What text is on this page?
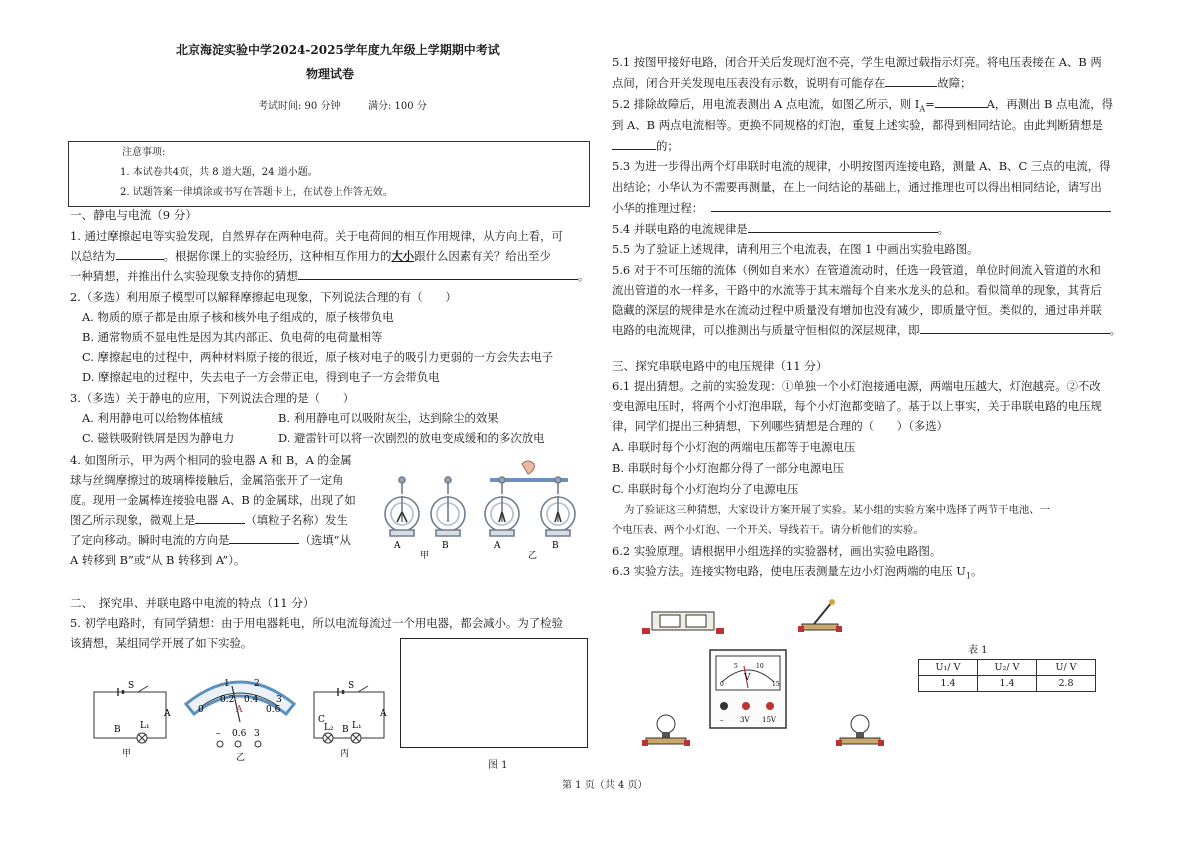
北京海淀实验中学2024-2025学年度九年级上学期期中考试
物理试卷
考试时间: 90 分钟	满分: 100 分
注意事项:
1. 本试卷共4页，共 8 道大题，24 道小题。
2. 试题答案一律填涂或书写在答题卡上，在试卷上作答无效。
一、静电与电流（9 分）
1. 通过摩擦起电等实验发现，自然界存在两种电荷。关于电荷间的相互作用规律，从方向上看，可
以总结为	。根据你课上的实验经历，这种相互作用力的大小跟什么因素有关？给出至少
一种猜想，并推出什么实验现象支持你的猜想	。
2.（多选）利用原子模型可以解释摩擦起电现象，下列说法合理的有（　　）
A. 物质的原子都是由原子核和核外电子组成的，原子核带负电
B. 通常物质不显电性是因为其内部正、负电荷的电荷量相等
C. 摩擦起电的过程中，两种材料原子接的很近，原子核对电子的吸引力更弱的一方会失去电子
D. 摩擦起电的过程中，失去电子一方会带正电，得到电子一方会带负电
3.（多选）关于静电的应用，下列说法合理的是（　　）
A. 利用静电可以给物体植绒	B. 利用静电可以吸附灰尘，达到除尘的效果
C. 磁铁吸附铁屑是因为静电力	D. 避雷针可以将一次剧烈的放电变成缓和的多次放电
4. 如图所示，甲为两个相同的验电器 A 和 B，A 的金属
球与丝绸摩擦过的玻璃棒接触后，金属箔张开了一定角
度。现用一金属棒连接验电器 A、B 的金属球，出现了如
图乙所示现象，微观上是	（填粒子名称）发生
了定向移动。瞬时电流的方向是	（选填“从
A 转移到 B”或“从 B 转移到 A”）。
A	B	A	B
甲	乙
二、　探究串、并联电路中电流的特点（11 分）
5. 初学电路时，有同学猜想：由于用电器耗电，所以电流每流过一个用电器，都会减小。为了检验
该猜想，某组同学开展了如下实验。
图 1
S
B
A
L₁
甲
0
1	2
3
0.2 0.4
0.6
A
– 0.6 3
乙
S
C
B
A
L₂ L₁
丙
5.1 按图甲接好电路，闭合开关后发现灯泡不亮，学生电源过载指示灯亮。将电压表接在 A、B 两
点间，闭合开关发现电压表没有示数，说明有可能存在	故障；
5.2 排除故障后，用电流表测出 A 点电流，如图乙所示，则 $I_A=$	A，再测出 B 点电流，得
到 A、B 两点电流相等。更换不同规格的灯泡，重复上述实验，都得到相同结论。由此判断猜想是
的；
5.3 为进一步得出两个灯串联时电流的规律，小明按图丙连接电路，测量 A、B、C 三点的电流，得
出结论；小华认为不需要再测量，在上一问结论的基础上，通过推理也可以得出相同结论，请写出
小华的推理过程：
5.4 并联电路的电流规律是	。
5.5 为了验证上述规律，请利用三个电流表，在图 1 中画出实验电路图。
5.6 对于不可压缩的流体（例如自来水）在管道流动时，任选一段管道，单位时间流入管道的水和
流出管道的水一样多，干路中的水流等于其末端每个自来水龙头的总和。看似简单的现象，其背后
隐藏的深层的规律是水在流动过程中质量没有增加也没有减少，即质量守恒。类似的，通过串并联
电路的电流规律，可以推测出与质量守恒相似的深层规律，即	。
三、探究串联电路中的电压规律（11 分）
6.1 提出猜想。之前的实验发现：①单独一个小灯泡接通电源，两端电压越大，灯泡越亮。②不改
变电源电压时，将两个小灯泡串联，每个小灯泡都变暗了。基于以上事实，关于串联电路的电压规
律，同学们提出三种猜想，下列哪些猜想是合理的（　　）（多选）
A. 串联时每个小灯泡的两端电压都等于电源电压
B. 串联时每个小灯泡都分得了一部分电源电压
C. 串联时每个小灯泡均分了电源电压
为了验证这三种猜想，大家设计方案开展了实验。某小组的实验方案中选择了两节干电池、一
个电压表、两个小灯泡、一个开关、导线若干。请分析他们的实验。
6.2 实验原理。请根据甲小组选择的实验器材，画出实验电路图。
6.3 实验方法。连接实物电路，使电压表测量左边小灯泡两端的电压 $U_1$。
V
0
5	10
15
– 3V 15V
表 1
U₁/ V	U₂/ V	U/ V
1.4	1.4	2.8
第 1 页（共 4 页）
